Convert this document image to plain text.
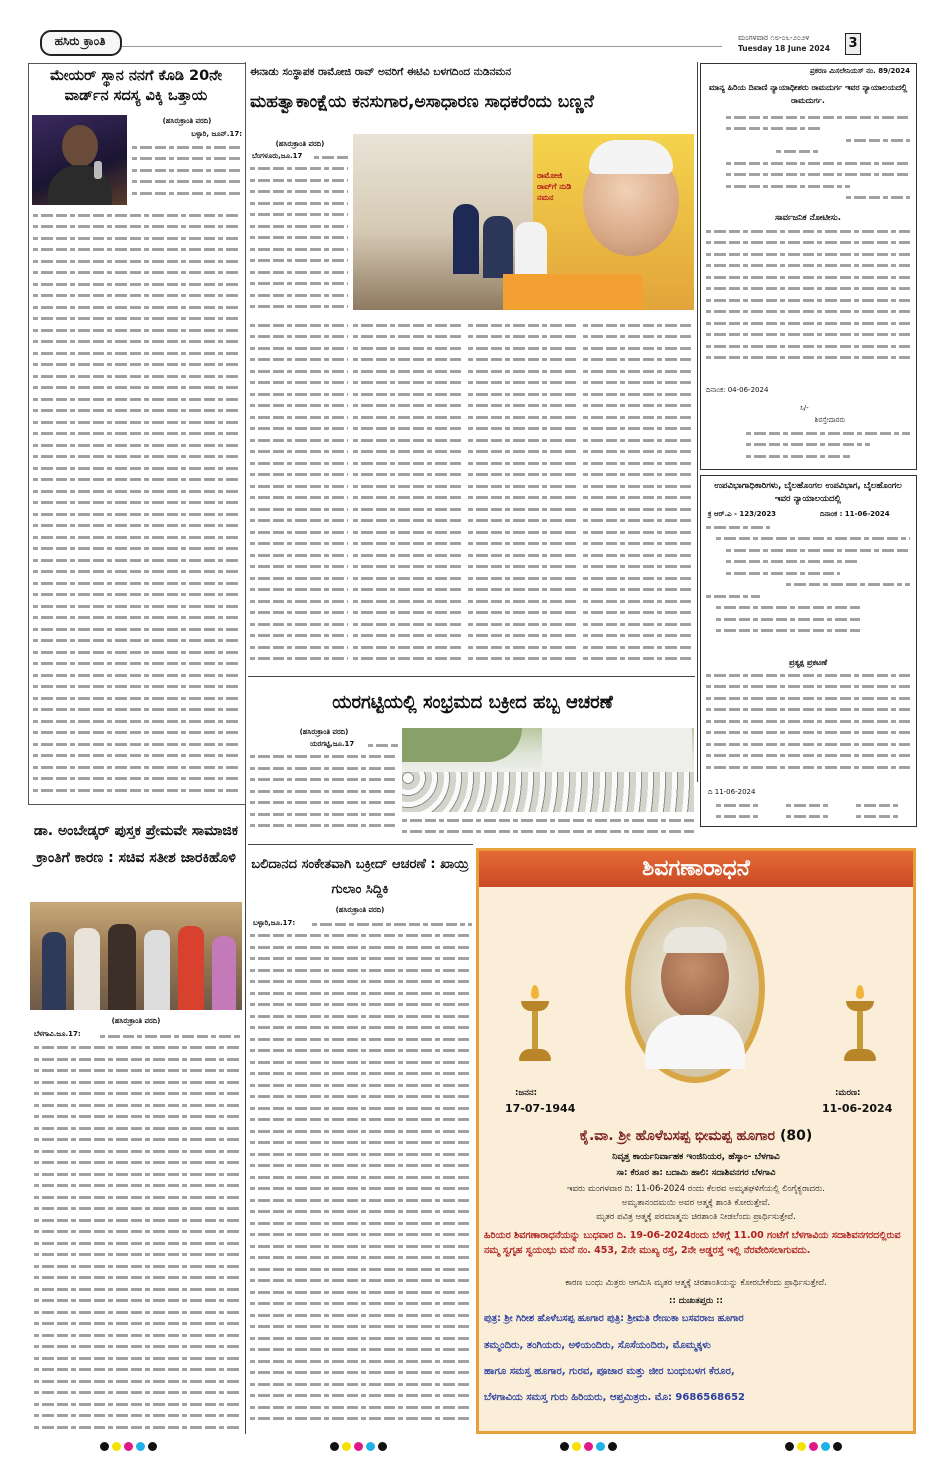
ಹಸಿರು ಕ್ರಾಂತಿ	ಮಂಗಳವಾರ ೧೮-೦೬-೨೦೨೪
Tuesday 18 June 2024 3
ಮೇಯರ್ ಸ್ಥಾನ ನನಗೆ ಕೊಡಿ 20ನೇ ವಾರ್ಡ್‌ನ ಸದಸ್ಯ ವಿಕ್ಕಿ ಒತ್ತಾಯ
(ಹಸಿರುಕ್ರಾಂತಿ ವರದಿ)
ಬಳ್ಳಾರಿ, ಜೂನ್.17:
ಡಾ. ಅಂಬೇಡ್ಕರ್ ಪುಸ್ತಕ ಪ್ರೇಮವೇ ಸಾಮಾಜಿಕ ಕ್ರಾಂತಿಗೆ ಕಾರಣ : ಸಚಿವ ಸತೀಶ ಜಾರಕಿಹೊಳಿ
(ಹಸಿರುಕ್ರಾಂತಿ ವರದಿ)
ಬೆಳಗಾವಿ.ಜೂ.17:
ಈನಾಡು ಸಂಸ್ಥಾಪಕ ರಾಮೋಜಿ ರಾವ್ ಅವರಿಗೆ ಈಟಿವಿ ಬಳಗದಿಂದ ನುಡಿನಮನ
ಮಹತ್ವಾಕಾಂಕ್ಷೆಯ ಕನಸುಗಾರ,ಅಸಾಧಾರಣ ಸಾಧಕರೆಂದು ಬಣ್ಣನೆ
(ಹಸಿರುಕ್ರಾಂತಿ ವರದಿ)
ಬೆಂಗಳೂರು,ಜೂ.17
ರಾಮೋಜಿ ರಾವ್‌ಗೆ ನುಡಿ ನಮನ
ಯರಗಟ್ಟಿಯಲ್ಲಿ ಸಂಭ್ರಮದ ಬಕ್ರೀದ ಹಬ್ಬ ಆಚರಣೆ
(ಹಸಿರುಕ್ರಾಂತಿ ವರದಿ)
ಯರಗಟ್ಟಿ,ಜೂ.17
ಬಲಿದಾನದ ಸಂಕೇತವಾಗಿ ಬಕ್ರೀದ್ ಆಚರಣೆ : ಖಾಯ್ರಿ ಗುಲಾಂ ಸಿದ್ದಿಕಿ
(ಹಸಿರುಕ್ರಾಂತಿ ವರದಿ)
ಬಳ್ಳಾರಿ,ಜೂ.17:
ಪ್ರಕರಣ ಮಿಸಲೇನಿಯಸ್ ನಂ. 89/2024
ಮಾನ್ಯ ಹಿರಿಯ ದಿವಾಣಿ ನ್ಯಾಯಾಧೀಶರು ರಾಮದುರ್ಗ ಇವರ ನ್ಯಾಯಾಲಯದಲ್ಲಿ ರಾಮದುರ್ಗ.
ಸಾರ್ವಜನಿಕ ನೋಟೀಸು.
ದಿನಾಂಕ: 04-06-2024
ಸಿ/-
ಶಿರಸ್ತೇದಾರರು
ಉಪವಿಭಾಗಾಧಿಕಾರಿಗಳು, ಬೈಲಹೊಂಗಲ ಉಪವಿಭಾಗ, ಬೈಲಹೊಂಗಲ ಇವರ ನ್ಯಾಯಾಲಯದಲ್ಲಿ
ಕ್ರ ಆರ್.ಎ - 123/2023	ದಿನಾಂಕ : 11-06-2024
ಪ್ರತ್ಯಕ್ಷ ಪ್ರಕಟಣೆ
ದಿ 11-06-2024
ಶಿವಗಣಾರಾಧನೆ
:ಜನನ:
17-07-1944
:ಮರಣ:
11-06-2024
ಕೈ.ವಾ. ಶ್ರೀ ಹೊಳೆಬಸಪ್ಪ ಭೀಮಪ್ಪ ಹೂಗಾರ (80)
ನಿವೃತ್ತ ಕಾರ್ಯನಿರ್ವಾಹಕ ಇಂಜಿನಿಯರ, ಹೆಸ್ಕಾಂ- ಬೆಳಗಾವಿ
ಸಾ: ಕೆರೂರ ತಾ: ಬದಾಮಿ ಹಾಲಿ: ಸದಾಶಿವನಗರ ಬೆಳಗಾವಿ
ಇವರು ಮಂಗಳವಾರ ದಿ: 11-06-2024 ರಂದು ಕೆಲರವ ಅಮೃತಘಳಿಗೆಯಲ್ಲಿ ಲಿಂಗೈಕ್ಯರಾದರು.
ಅಮೃತಾನಂದಮಯಿ ಅವರ ಆತ್ಮಕ್ಕೆ ಶಾಂತಿ ಕೋರುತ್ತೇವೆ.
ಮೃತರ ಪವಿತ್ರ ಆತ್ಮಕ್ಕೆ ಪರಮಾತ್ಮನು ಚಿರಶಾಂತಿ ನೀಡಲೆಂದು ಪ್ರಾರ್ಥಿಸುತ್ತೇವೆ.
ಹಿರಿಯರ ಶಿವಗಣಾರಾಧನೆಯನ್ನು ಬುಧವಾರ ದಿ. 19-06-2024ರಂದು ಬೆಳಿಗ್ಗೆ 11.00 ಗಂಟೆಗೆ ಬೆಳಗಾವಿಯ ಸದಾಶಿವನಗರದಲ್ಲಿರುವ ನಮ್ಮ ಸ್ವಗೃಹ ಸ್ವಯಂಭು ಮನೆ ನಂ. 453, 2ನೇ ಮುಖ್ಯ ರಸ್ತೆ, 2ನೇ ಅಡ್ಡರಸ್ತೆ ಇಲ್ಲಿ ನೆರವೇರಿಸಲಾಗುವದು.
ಕಾರಣ ಬಂಧು ಮಿತ್ರರು ಆಗಮಿಸಿ ಮೃತರ ಆತ್ಮಕ್ಕೆ ಚಿರಶಾಂತಿಯನ್ನು ಕೋರಬೇಕೆಂದು ಪ್ರಾರ್ಥಿಸುತ್ತೇವೆ.
:: ದುಃಖತಪ್ತರು ::
ಪುತ್ರ: ಶ್ರೀ ಗಿರೀಶ ಹೊಳೆಬಸಪ್ಪ ಹೂಗಾರ ಪುತ್ರಿ: ಶ್ರೀಮತಿ ರೇಣುಕಾ ಬಸವರಾಜ ಹೂಗಾರ
ತಮ್ಮಂದಿರು, ತಂಗಿಯರು, ಅಳಿಯಂದಿರು, ಸೊಸೆಯಂದಿರು, ಮೊಮ್ಮಕ್ಕಳು
ಹಾಗೂ ಸಮಸ್ತ ಹೂಗಾರ, ಗುರವ, ಪೂಜಾರ ಮತ್ತು ಜೀರ ಬಂಧುಬಳಗ ಕೆರೂರ,
ಬೆಳಗಾವಿಯ ಸಮಸ್ತ ಗುರು ಹಿರಿಯರು, ಆಪ್ತಮಿತ್ರರು. ಮೊ: 9686568652
